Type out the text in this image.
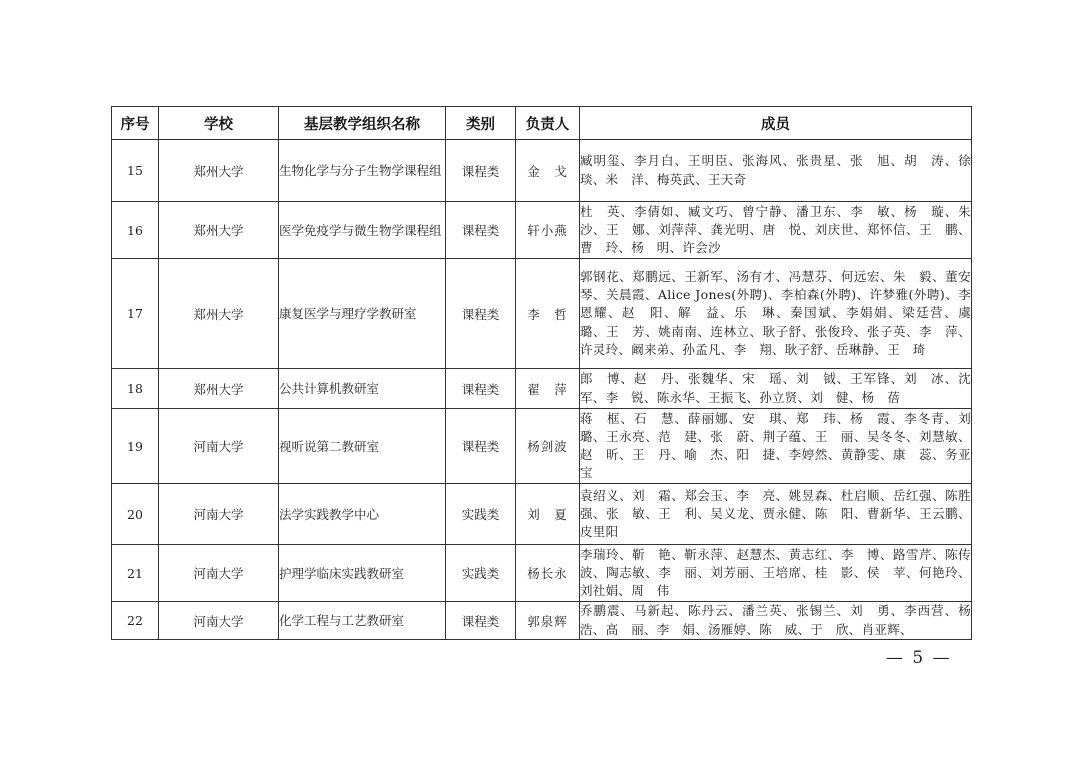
序号	学校	基层教学组织名称	类别	负责人	成员
15	郑州大学	生物化学与分子生物学课程组	课程类	金　戈	臧明玺、李月白、王明臣、张海风、张贵星、张　旭、胡　涛、徐　琰、米　洋、梅英武、王天奇
16	郑州大学	医学免疫学与微生物学课程组	课程类	轩小燕	杜　英、李倩如、臧文巧、曾宁静、潘卫东、李　敏、杨　璇、朱　沙、王　娜、刘萍萍、龚光明、唐　悦、刘庆世、郑怀信、王　鹏、曹　玲、杨　明、许会沙
17	郑州大学	康复医学与理疗学教研室	课程类	李　哲	郭钢花、郑鹏远、王新军、汤有才、冯慧芬、何远宏、朱　毅、董安琴、关晨霞、Alice Jones(外聘)、李柏森(外聘)、许梦雅(外聘)、李恩耀、赵　阳、解　益、乐　琳、秦国斌、李娟娟、梁廷营、虞　璐、王　芳、姚南南、连林立、耿子舒、张俊玲、张子英、李　萍、许灵玲、阚来弟、孙孟凡、李　翔、耿子舒、岳琳静、王　琦
18	郑州大学	公共计算机教研室	课程类	翟　萍	郎　博、赵　丹、张魏华、宋　瑶、刘　钺、王军锋、刘　冰、沈　军、李　锐、陈永华、王振飞、孙立贤、刘　健、杨　蓓
19	河南大学	视听说第二教研室	课程类	杨剑波	蒋　框、石　慧、薛丽娜、安　琪、郑　玮、杨　霞、李冬青、刘　璐、王永亮、范　建、张　蔚、荆子蕴、王　丽、吴冬冬、刘慧敏、赵　昕、王　丹、喻　杰、阳　捷、李婷然、黄静雯、康　蕊、务亚宝
20	河南大学	法学实践教学中心	实践类	刘　夏	袁绍义、刘　霜、郑会玉、李　亮、姚昱森、杜启顺、岳红强、陈胜强、张　敏、王　利、吴义龙、贾永健、陈　阳、曹新华、王云鹏、皮里阳
21	河南大学	护理学临床实践教研室	实践类	杨长永	李瑞玲、靳　艳、靳永萍、赵慧杰、黄志红、李　博、路雪芹、陈传波、陶志敏、李　丽、刘芳丽、王培席、桂　影、侯　苹、何艳玲、刘社娟、周　伟
22	河南大学	化学工程与工艺教研室	课程类	郭泉辉	乔鹏震、马新起、陈丹云、潘兰英、张锡兰、刘　勇、李西营、杨　浩、高　丽、李　娟、汤雁婷、陈　威、于　欣、肖亚辉、
— 5 —
